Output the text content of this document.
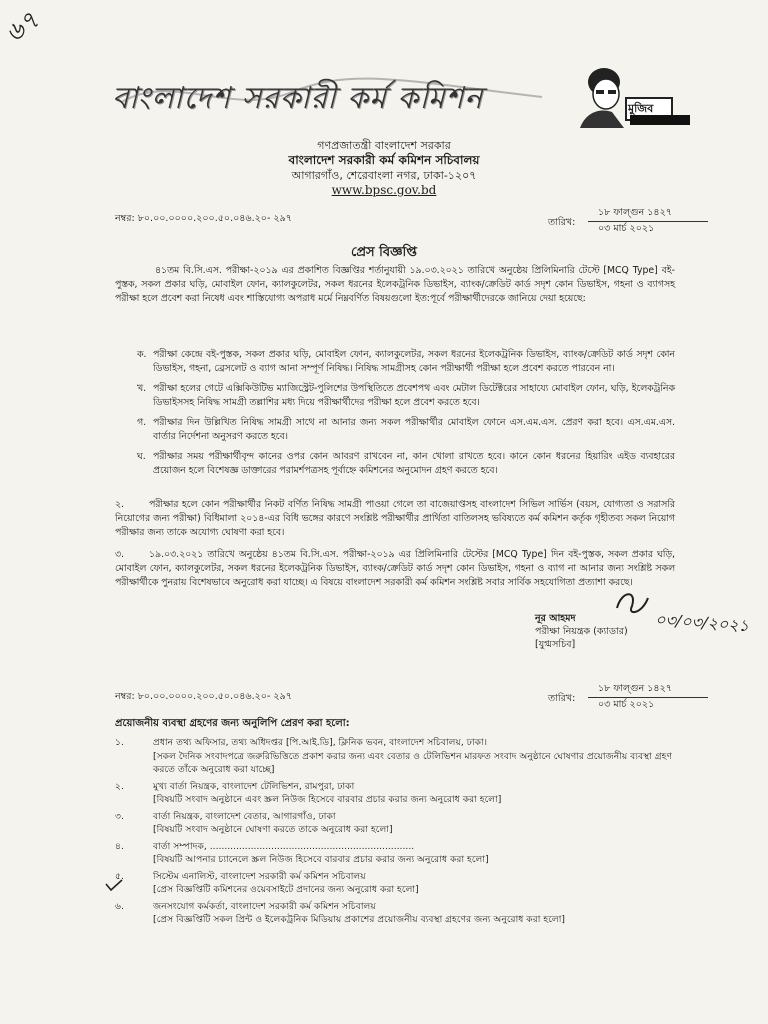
৬৭
বাংলাদেশ সরকারী কর্ম কমিশন	মুজিব
গণপ্রজাতন্ত্রী বাংলাদেশ সরকার
বাংলাদেশ সরকারী কর্ম কমিশন সচিবালয়
আগারগাঁও, শেরেবাংলা নগর, ঢাকা-১২০৭
www.bpsc.gov.bd
নম্বর: ৮০.০০.০০০০.২০০.৫০.০৪৬.২০- ২৯৭	তারিখ:
১৮ ফাল্গুন ১৪২৭
০৩ মার্চ ২০২১
প্রেস বিজ্ঞপ্তি
৪১তম বি.সি.এস. পরীক্ষা-২০১৯ এর প্রকাশিত বিজ্ঞপ্তির শর্তানুযায়ী ১৯.০৩.২০২১ তারিখে অনুষ্ঠেয় প্রিলিমিনারি টেস্টে [MCQ Type] বই-পুস্তক, সকল প্রকার ঘড়ি, মোবাইল ফোন, ক্যালকুলেটর, সকল ধরনের ইলেকট্রনিক ডিভাইস, ব্যাংক/ক্রেডিট কার্ড সদৃশ কোন ডিভাইস, গহনা ও ব্যাগসহ পরীক্ষা হলে প্রবেশ করা নিষেধ এবং শাস্তিযোগ্য অপরাধ মর্মে নিম্নবর্ণিত বিষয়গুলো ইত:পূর্বে পরীক্ষার্থীদেরকে জানিয়ে দেয়া হয়েছে:
ক. পরীক্ষা কেন্দ্রে বই-পুস্তক, সকল প্রকার ঘড়ি, মোবাইল ফোন, ক্যালকুলেটর, সকল ধরনের ইলেকট্রনিক ডিভাইস, ব্যাংক/ক্রেডিট কার্ড সদৃশ কোন ডিভাইস, গহনা, ব্রেসলেট ও ব্যাগ আনা সম্পূর্ণ নিষিদ্ধ। নিষিদ্ধ সামগ্রীসহ কোন পরীক্ষার্থী পরীক্ষা হলে প্রবেশ করতে পারবেন না।
খ. পরীক্ষা হলের গেটে এক্সিকিউটিভ ম্যাজিস্ট্রেট-পুলিশের উপস্থিতিতে প্রবেশপথ এবং মেটাল ডিটেক্টরের সাহায্যে মোবাইল ফোন, ঘড়ি, ইলেকট্রনিক ডিভাইসসহ নিষিদ্ধ সামগ্রী তল্লাশির মধ্য দিয়ে পরীক্ষার্থীদের পরীক্ষা হলে প্রবেশ করতে হবে।
গ. পরীক্ষার দিন উল্লিখিত নিষিদ্ধ সামগ্রী সাথে না আনার জন্য সকল পরীক্ষার্থীর মোবাইল ফোনে এস.এম.এস. প্রেরণ করা হবে। এস.এম.এস. বার্তার নির্দেশনা অনুসরণ করতে হবে।
ঘ. পরীক্ষার সময় পরীক্ষার্থীবৃন্দ কানের ওপর কোন আবরণ রাখবেন না, কান খোলা রাখতে হবে। কানে কোন ধরনের হিয়ারিং এইড ব্যবহারের প্রয়োজন হলে বিশেষজ্ঞ ডাক্তারের পরামর্শপত্রসহ পূর্বাহ্নে কমিশনের অনুমোদন গ্রহণ করতে হবে।
২.	পরীক্ষার হলে কোন পরীক্ষার্থীর নিকট বর্ণিত নিষিদ্ধ সামগ্রী পাওয়া গেলে তা বাজেয়াপ্তসহ বাংলাদেশ সিভিল সার্ভিস (বয়স, যোগ্যতা ও সরাসরি নিয়োগের জন্য পরীক্ষা) বিধিমালা ২০১৪-এর বিধি ভঙ্গের কারণে সংশ্লিষ্ট পরীক্ষার্থীর প্রার্থিতা বাতিলসহ ভবিষ্যতে কর্ম কমিশন কর্তৃক গৃহীতব্য সকল নিয়োগ পরীক্ষার জন্য তাকে অযোগ্য ঘোষণা করা হবে।
৩.	১৯.০৩.২০২১ তারিখে অনুষ্ঠেয় ৪১তম বি.সি.এস. পরীক্ষা-২০১৯ এর প্রিলিমিনারি টেস্টের [MCQ Type] দিন বই-পুস্তক, সকল প্রকার ঘড়ি, মোবাইল ফোন, ক্যালকুলেটর, সকল ধরনের ইলেকট্রনিক ডিভাইস, ব্যাংক/ক্রেডিট কার্ড সদৃশ কোন ডিভাইস, গহনা ও ব্যাগ না আনার জন্য সংশ্লিষ্ট সকল পরীক্ষার্থীকে পুনরায় বিশেষভাবে অনুরোধ করা যাচ্ছে। এ বিষয়ে বাংলাদেশ সরকারী কর্ম কমিশন সংশ্লিষ্ট সবার সার্বিক সহযোগিতা প্রত্যাশা করছে।
০৩/০৩/২০২১
নূর আহমদ
পরীক্ষা নিয়ন্ত্রক (ক্যাডার)
[যুগ্মসচিব]
নম্বর: ৮০.০০.০০০০.২০০.৫০.০৪৬.২০- ২৯৭	তারিখ:
১৮ ফাল্গুন ১৪২৭
০৩ মার্চ ২০২১
প্রয়োজনীয় ব্যবস্থা গ্রহণের জন্য অনুলিপি প্রেরণ করা হলো:
১.	প্রধান তথ্য অফিসার, তথ্য অধিদপ্তর [পি.আই.ডি], ক্লিনিক ভবন, বাংলাদেশ সচিবালয়, ঢাকা।
[সকল দৈনিক সংবাদপত্রে জরুরিভিত্তিতে প্রকাশ করার জন্য এবং বেতার ও টেলিভিশন মারফত সংবাদ অনুষ্ঠানে ঘোষণার প্রয়োজনীয় ব্যবস্থা গ্রহণ করতে তাঁকে অনুরোধ করা যাচ্ছে]
২.	মুখ্য বার্তা নিয়ন্ত্রক, বাংলাদেশ টেলিভিশন, রামপুরা, ঢাকা
[বিষয়টি সংবাদ অনুষ্ঠানে এবং স্ক্রল নিউজ হিসেবে বারবার প্রচার করার জন্য অনুরোধ করা হলো]
৩.	বার্তা নিয়ন্ত্রক, বাংলাদেশ বেতার, আগারগাঁও, ঢাকা
[বিষয়টি সংবাদ অনুষ্ঠানে ঘোষণা করতে তাকে অনুরোধ করা হলো]
৪.	বার্তা সম্পাদক, ......................................................................
[বিষয়টি আপনার চ্যানেলে স্ক্রল নিউজ হিসেবে বারবার প্রচার করার জন্য অনুরোধ করা হলো]
৫.	সিস্টেম এনালিস্ট, বাংলাদেশ সরকারী কর্ম কমিশন সচিবালয়
[প্রেস বিজ্ঞপ্তিটি কমিশনের ওয়েবসাইটে প্রদানের জন্য অনুরোধ করা হলো]
৬.	জনসংযোগ কর্মকর্তা, বাংলাদেশ সরকারী কর্ম কমিশন সচিবালয়
[প্রেস বিজ্ঞপ্তিটি সকল প্রিন্ট ও ইলেকট্রনিক মিডিয়ায় প্রকাশের প্রয়োজনীয় ব্যবস্থা গ্রহণের জন্য অনুরোধ করা হলো]
